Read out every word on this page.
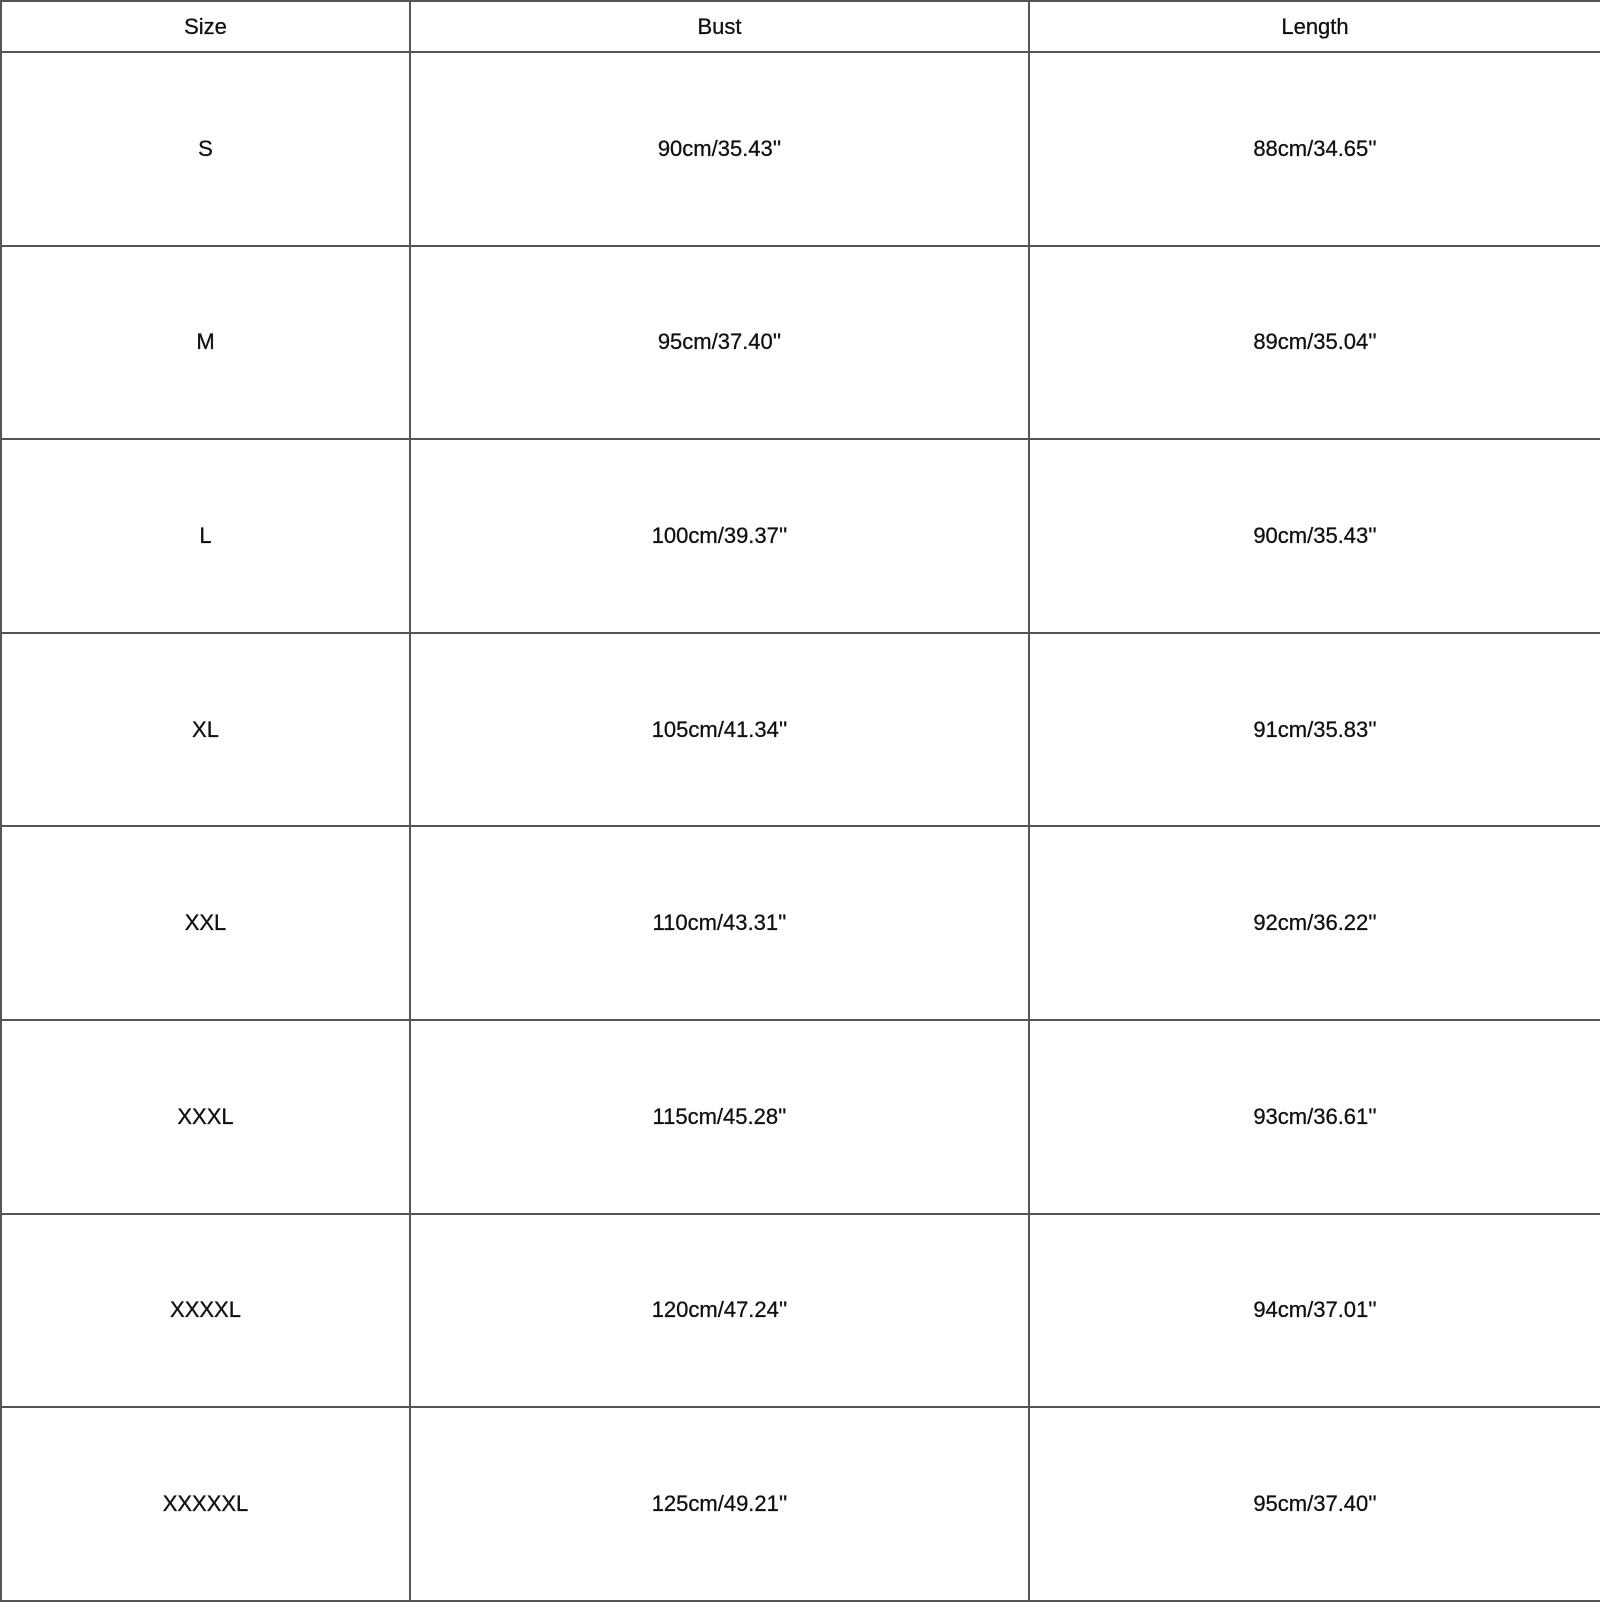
Size	Bust	Length
S	90cm/35.43''	88cm/34.65''
M	95cm/37.40''	89cm/35.04''
L	100cm/39.37''	90cm/35.43''
XL	105cm/41.34''	91cm/35.83''
XXL	110cm/43.31''	92cm/36.22''
XXXL	115cm/45.28''	93cm/36.61''
XXXXL	120cm/47.24''	94cm/37.01''
XXXXXL	125cm/49.21''	95cm/37.40''
